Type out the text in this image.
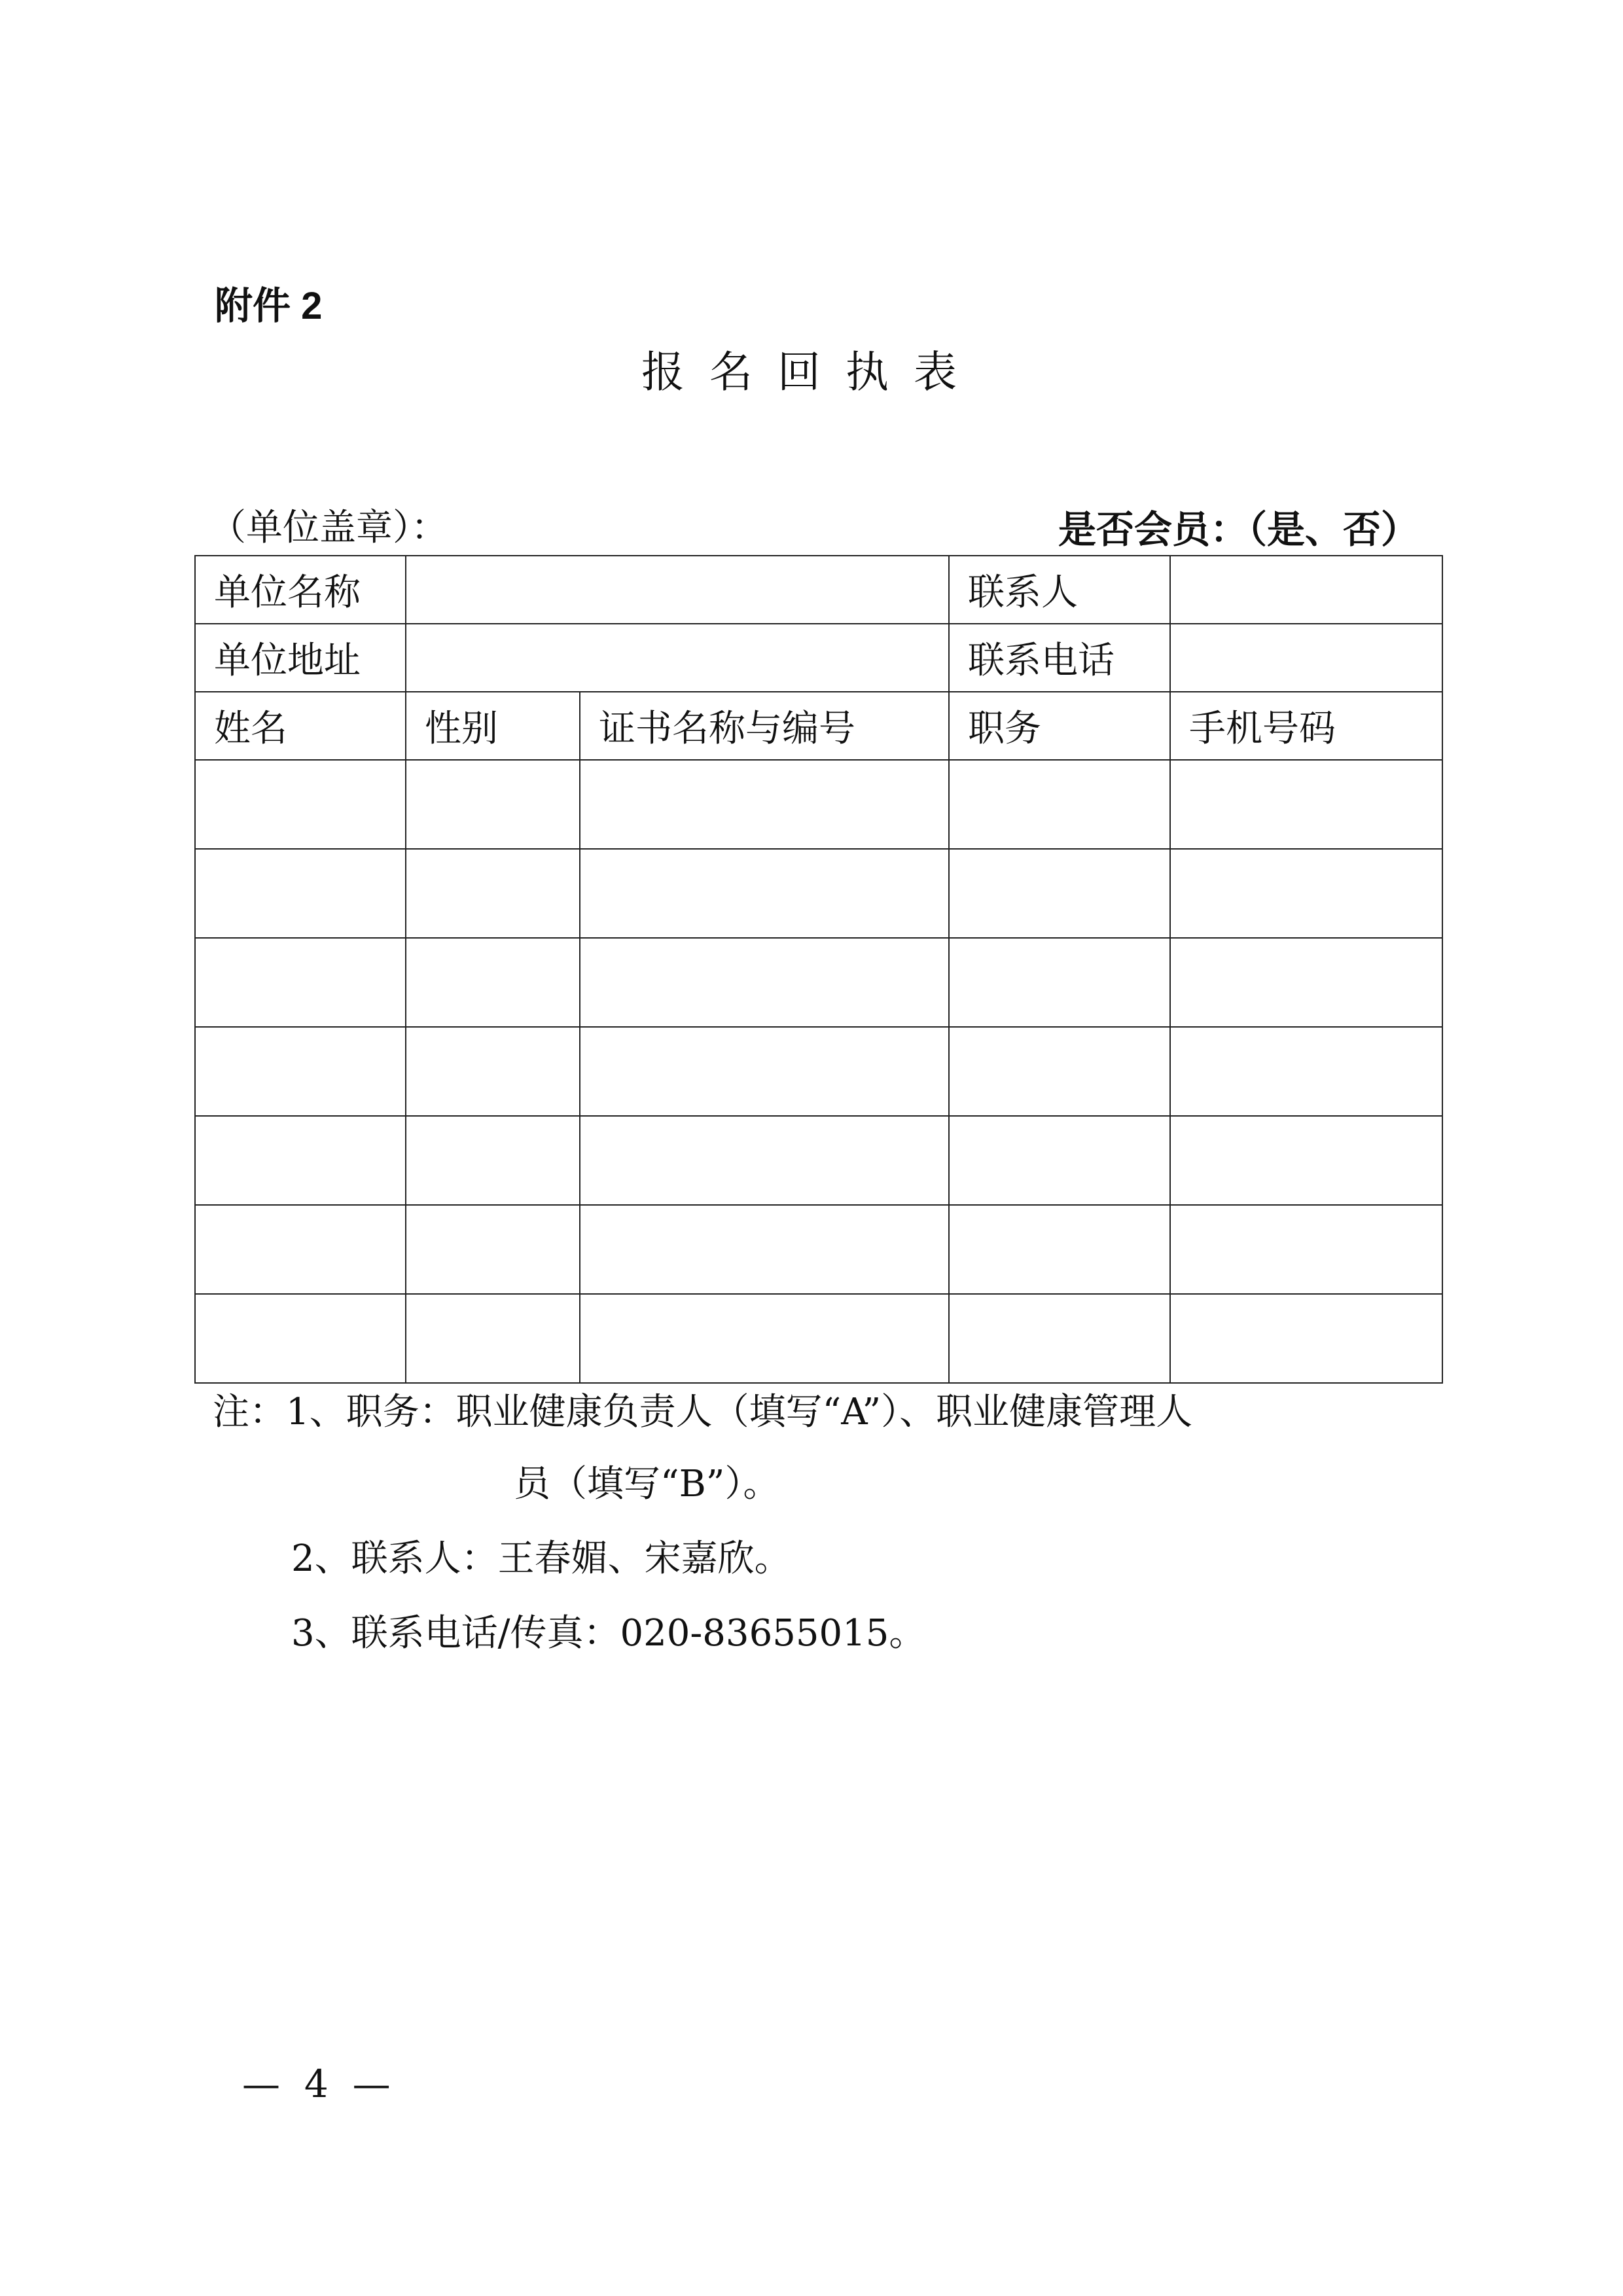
附件 2
报名回执表
（单位盖章）：	是否会员：（是、否）
单位名称			联系人	
单位地址			联系电话	
姓名	性别	证书名称与编号	职务	手机号码

注：1、职务：职业健康负责人（填写“A”）、职业健康管理人
员（填写“B”）。
2、联系人：王春媚、宋嘉欣。
3、联系电话/传真：020-83655015。
—  4  —
